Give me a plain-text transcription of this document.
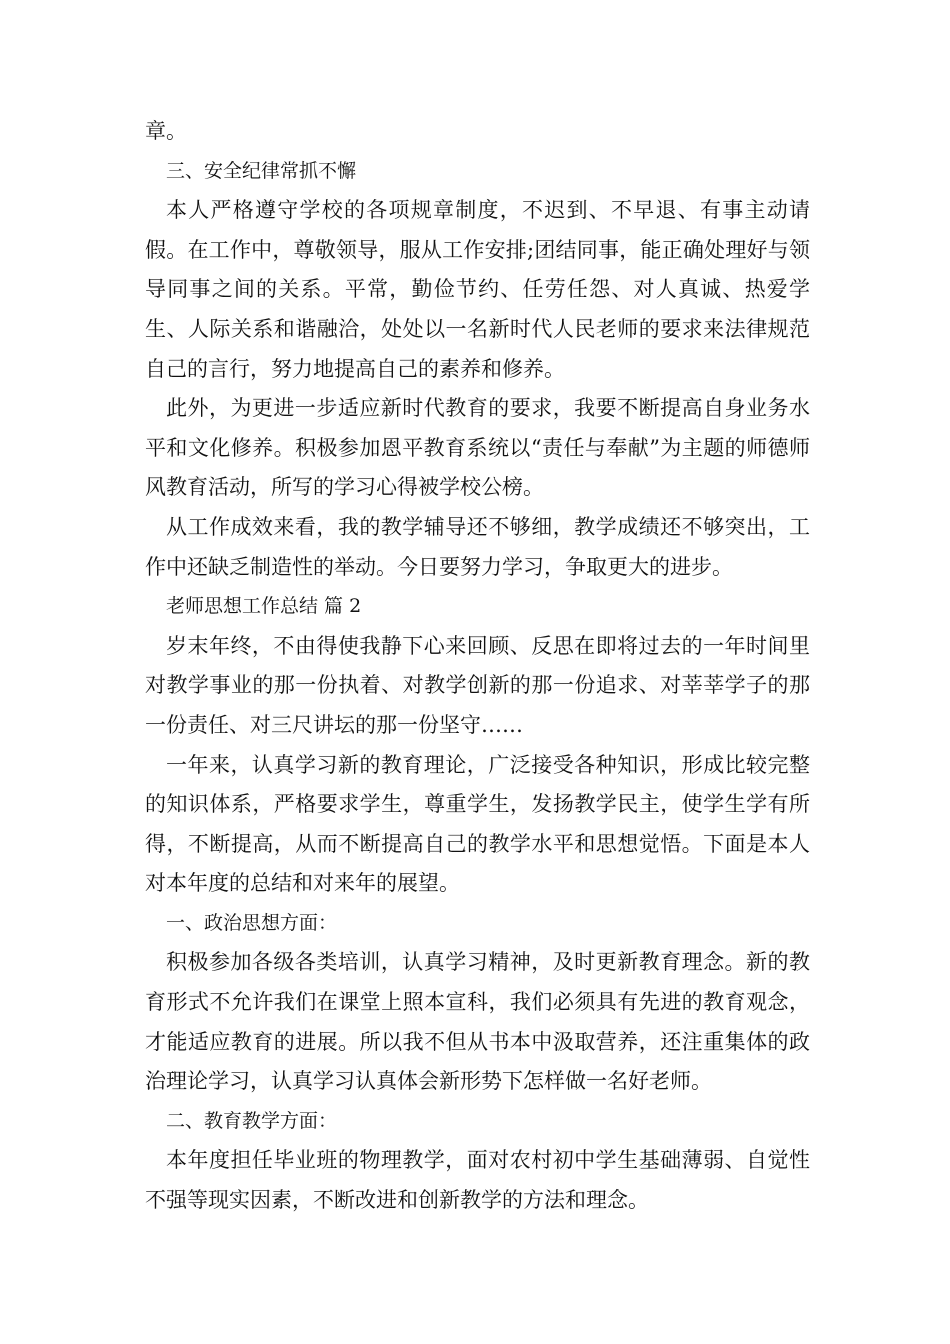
章。

三、安全纪律常抓不懈

本人严格遵守学校的各项规章制度，不迟到、不早退、有事主动请假。在工作中，尊敬领导，服从工作安排;团结同事，能正确处理好与领导同事之间的关系。平常，勤俭节约、任劳任怨、对人真诚、热爱学生、人际关系和谐融洽，处处以一名新时代人民老师的要求来法律规范自己的言行，努力地提高自己的素养和修养。

此外，为更进一步适应新时代教育的要求，我要不断提高自身业务水平和文化修养。积极参加恩平教育系统以“责任与奉献”为主题的师德师风教育活动，所写的学习心得被学校公榜。

从工作成效来看，我的教学辅导还不够细，教学成绩还不够突出，工作中还缺乏制造性的举动。今日要努力学习，争取更大的进步。

老师思想工作总结 篇 2

岁末年终，不由得使我静下心来回顾、反思在即将过去的一年时间里对教学事业的那一份执着、对教学创新的那一份追求、对莘莘学子的那一份责任、对三尺讲坛的那一份坚守……

一年来，认真学习新的教育理论，广泛接受各种知识，形成比较完整的知识体系，严格要求学生，尊重学生，发扬教学民主，使学生学有所得，不断提高，从而不断提高自己的教学水平和思想觉悟。下面是本人对本年度的总结和对来年的展望。

一、政治思想方面：

积极参加各级各类培训，认真学习精神，及时更新教育理念。新的教育形式不允许我们在课堂上照本宣科，我们必须具有先进的教育观念，才能适应教育的进展。所以我不但从书本中汲取营养，还注重集体的政治理论学习，认真学习认真体会新形势下怎样做一名好老师。

二、教育教学方面：

本年度担任毕业班的物理教学，面对农村初中学生基础薄弱、自觉性不强等现实因素，不断改进和创新教学的方法和理念。
